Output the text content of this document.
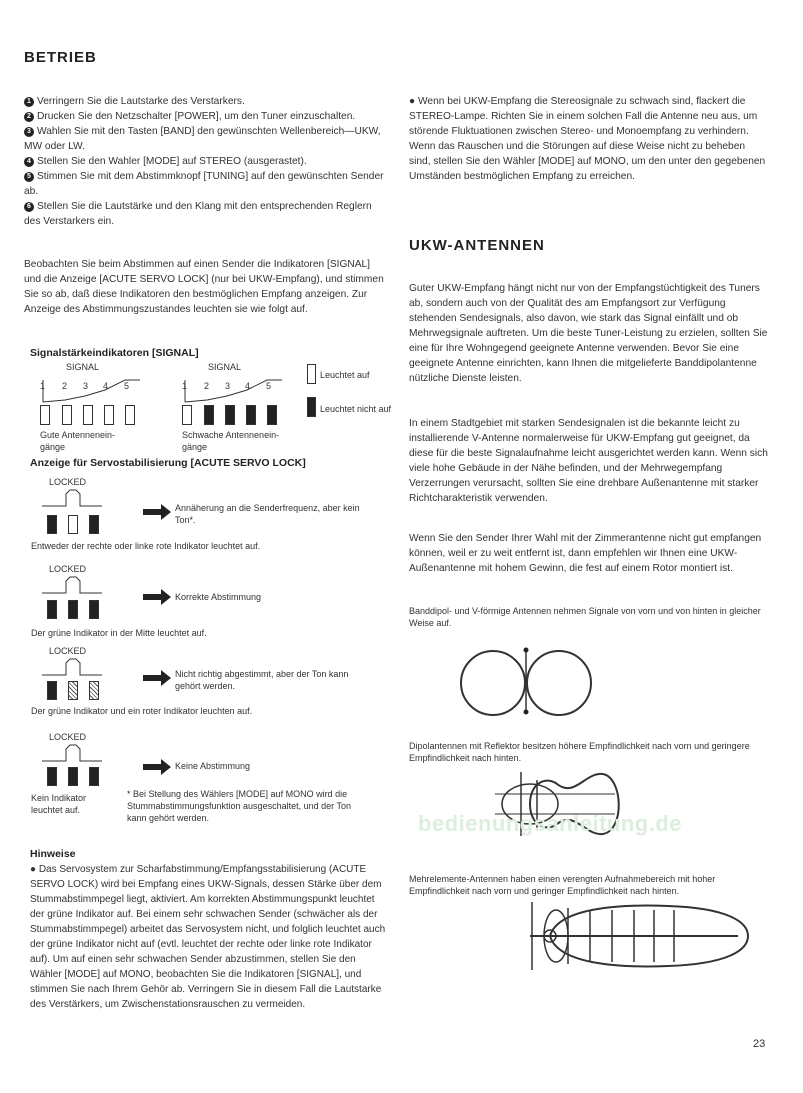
BETRIEB
1 Verringern Sie die Lautstarke des Verstarkers.
2 Drucken Sie den Netzschalter [POWER], um den Tuner einzuschalten.
3 Wahlen Sie mit den Tasten [BAND] den gewünschten Wellenbereich—UKW, MW oder LW.
4 Stellen Sie den Wahler [MODE] auf STEREO (ausgerastet).
5 Stimmen Sie mit dem Abstimmknopf [TUNING] auf den gewünschten Sender ab.
6 Stellen Sie die Lautstärke und den Klang mit den entsprechenden Reglern des Verstarkers ein.

Beobachten Sie beim Abstimmen auf einen Sender die Indikatoren [SIGNAL] und die Anzeige [ACUTE SERVO LOCK] (nur bei UKW-Empfang), und stimmen Sie so ab, daß diese Indikatoren den bestmöglichen Empfang anzeigen. Zur Anzeige des Abstimmungszustandes leuchten sie wie folgt auf.

Signalstärkeindikatoren [SIGNAL]
SIGNAL	SIGNAL
1 2 3 4 5	1 2 3 4 5
Gute Antennenein-gänge
Schwache Antennenein-gänge
Leuchtet auf
Leuchtet nicht auf
Anzeige für Servostabilisierung [ACUTE SERVO LOCK]
LOCKED
Annäherung an die Senderfrequenz, aber kein Ton*.
Entweder der rechte oder linke rote Indikator leuchtet auf.
LOCKED
Korrekte Abstimmung
Der grüne Indikator in der Mitte leuchtet auf.
LOCKED
Nicht richtig abgestimmt, aber der Ton kann gehört werden.
Der grüne Indikator und ein roter Indikator leuchten auf.
LOCKED
Keine Abstimmung
Kein Indikator leuchtet auf.
* Bei Stellung des Wählers [MODE] auf MONO wird die Stummabstimmungsfunktion ausgeschaltet, und der Ton kann gehört werden.
Hinweise

● Das Servosystem zur Scharfabstimmung/Empfangsstabilisierung (ACUTE SERVO LOCK) wird bei Empfang eines UKW-Signals, dessen Stärke über dem Stummabstimmpegel liegt, aktiviert. Am korrekten Abstimmungspunkt leuchtet der grüne Indikator auf. Bei einem sehr schwachen Sender (schwächer als der Stummabstimmpegel) arbeitet das Servosystem nicht, und folglich leuchtet auch der grüne Indikator nicht auf (evtl. leuchtet der rechte oder linke rote Indikator auf). Um auf einen sehr schwachen Sender abzustimmen, stellen Sie den Wähler [MODE] auf MONO, beobachten Sie die Indikatoren [SIGNAL], und stimmen Sie nach Ihrem Gehör ab. Verringern Sie in diesem Fall die Lautstarke des Verstärkers, um Zwischenstationsrauschen zu vermeiden.

● Wenn bei UKW-Empfang die Stereosignale zu schwach sind, flackert die STEREO-Lampe. Richten Sie in einem solchen Fall die Antenne neu aus, um störende Fluktuationen zwischen Stereo- und Monoempfang zu verhindern. Wenn das Rauschen und die Störungen auf diese Weise nicht zu beheben sind, stellen Sie den Wähler [MODE] auf MONO, um den unter den gegebenen Umständen bestmöglichen Empfang zu erreichen.

UKW-ANTENNEN

Guter UKW-Empfang hängt nicht nur von der Empfangstüchtigkeit des Tuners ab, sondern auch von der Qualität des am Empfangsort zur Verfügung stehenden Sendesignals, also davon, wie stark das Signal einfällt und ob Mehrwegsignale auftreten. Um die beste Tuner-Leistung zu erzielen, sollten Sie eine für Ihre Wohngegend geeignete Antenne verwenden. Bevor Sie eine geeignete Antenne einrichten, kann Ihnen die mitgelieferte Banddipolantenne nützliche Dienste leisten.

In einem Stadtgebiet mit starken Sendesignalen ist die bekannte leicht zu installierende V-Antenne normalerweise für UKW-Empfang gut geeignet, da diese für die beste Signalaufnahme leicht ausgerichtet werden kann. Wenn sich viele hohe Gebäude in der Nähe befinden, und der Mehrwegempfang Verzerrungen verursacht, sollten Sie eine drehbare Außenantenne mit starker Richtcharakteristik verwenden.

Wenn Sie den Sender Ihrer Wahl mit der Zimmerantenne nicht gut empfangen können, weil er zu weit entfernt ist, dann empfehlen wir Ihnen eine UKW-Außenantenne mit hohem Gewinn, die fest auf einem Rotor montiert ist.

Banddipol- und V-förmige Antennen nehmen Signale von vorn und von hinten in gleicher Weise auf.
Dipolantennen mit Reflektor besitzen höhere Empfindlichkeit nach vorn und geringere Empfindlichkeit nach hinten.
Mehrelemente-Antennen haben einen verengten Aufnahmebereich mit hoher Empfindlichkeit nach vorn und geringer Empfindlichkeit nach hinten.
bedienungsanleitung.de
23
